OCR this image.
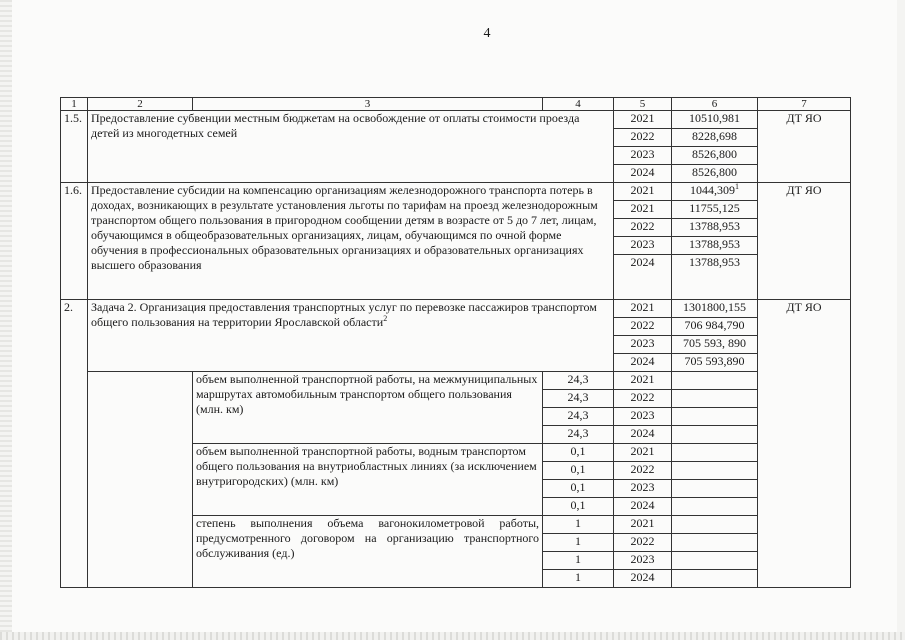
4
1	2	3	4	5	6	7
1.5.	Предоставление субвенции местным бюджетам на освобождение от оплаты стоимости проезда детей из многодетных семей			2021	10510,981	ДТ ЯО
				2022	8228,698	
				2023	8526,800	
				2024	8526,800	
1.6.	Предоставление субсидии на компенсацию организациям железнодорожного транспорта потерь в доходах, возникающих в результате установления льготы по тарифам на проезд железнодорожным транспортом общего пользования в пригородном сообщении детям в возрасте от 5 до 7 лет, лицам, обучающимся в общеобразовательных организациях, лицам, обучающимся по очной форме обучения в профессиональных образовательных организациях и образовательных организациях высшего образования			2021	1044,309$^1$	ДТ ЯО
				2021	11755,125	
				2022	13788,953	
				2023	13788,953	
				2024	13788,953	
2.	Задача 2. Организация предоставления транспортных услуг по перевозке пассажиров транспортом общего пользования на территории Ярославской области$^2$			2021	1301800,155	ДТ ЯО
				2022	706 984,790	
				2023	705 593, 890	
				2024	705 593,890	
		объем выполненной транспортной работы, на межмуниципальных маршрутах автомобильным транспортом общего пользования (млн. км)	24,3	2021		
			24,3	2022		
			24,3	2023		
			24,3	2024		
		объем выполненной транспортной работы, водным транспортом общего пользования на внутриобластных линиях (за исключением внутригородских) (млн. км)	0,1	2021		
			0,1	2022		
			0,1	2023		
			0,1	2024		
		степень выполнения объема вагонокилометровой работы, предусмотренного договором на организацию транспортного обслуживания (ед.)	1	2021		
			1	2022		
			1	2023		
			1	2024		
